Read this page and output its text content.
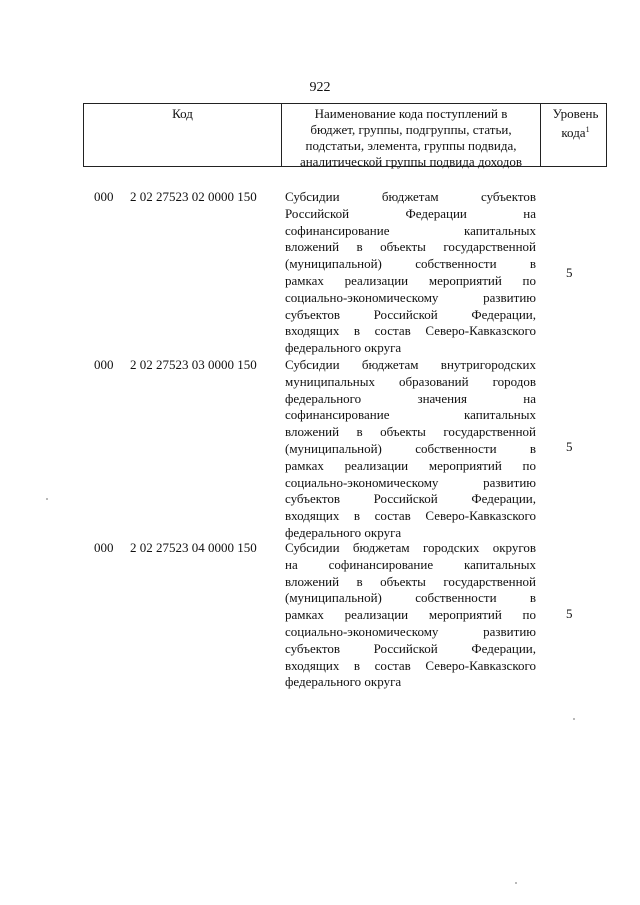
922
Код	Наименование кода поступлений в
бюджет, группы, подгруппы, статьи,
подстатьи, элемента, группы подвида,
аналитической группы подвида доходов
Уровень
кода$^1$
000 2 02 27523 02 0000 150 Субсидии бюджетам субъектов
Российской Федерации на
софинансирование капитальных
вложений в объекты государственной
(муниципальной) собственности в
рамках реализации мероприятий по
социально-экономическому развитию
субъектов Российской Федерации,
входящих в состав Северо-Кавказского
федерального округа
5
000 2 02 27523 03 0000 150 Субсидии бюджетам внутригородских
муниципальных образований городов
федерального значения на
софинансирование капитальных
вложений в объекты государственной
(муниципальной) собственности в
рамках реализации мероприятий по
социально-экономическому развитию
субъектов Российской Федерации,
входящих в состав Северо-Кавказского
федерального округа
5
000 2 02 27523 04 0000 150 Субсидии бюджетам городских округов
на софинансирование капитальных
вложений в объекты государственной
(муниципальной) собственности в
рамках реализации мероприятий по
социально-экономическому развитию
субъектов Российской Федерации,
входящих в состав Северо-Кавказского
федерального округа
5
